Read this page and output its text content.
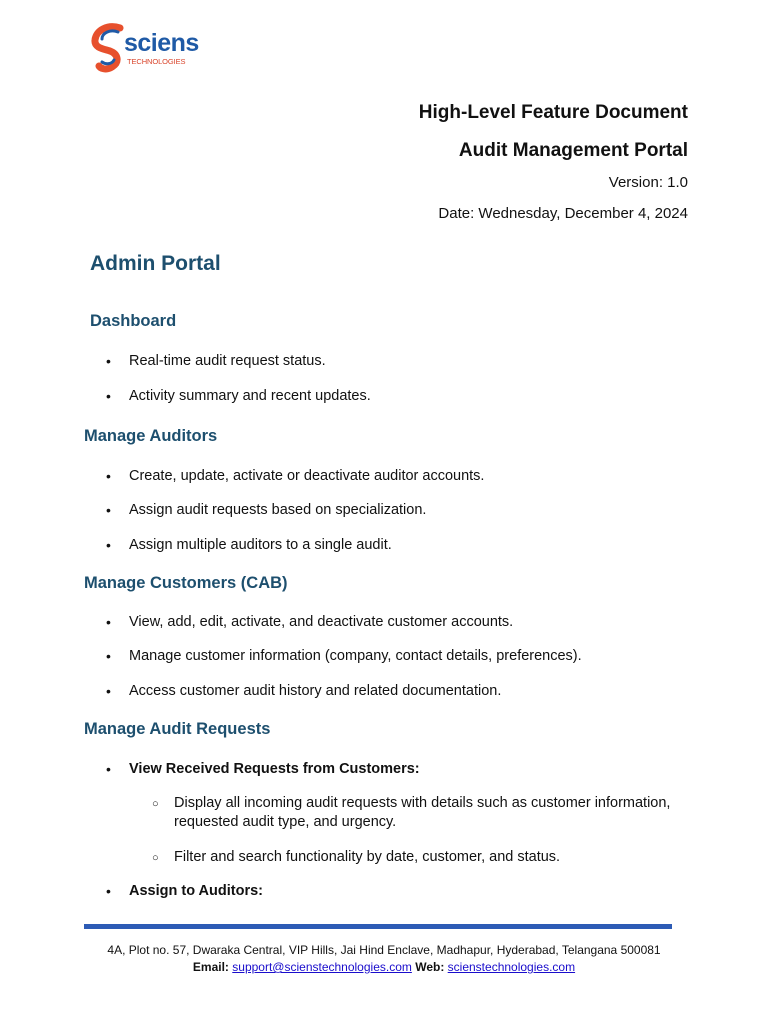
sciens
TECHNOLOGIES
High-Level Feature Document
Audit Management Portal
Version: 1.0
Date: Wednesday, December 4, 2024
Admin Portal
Dashboard
• Real-time audit request status.
• Activity summary and recent updates.
Manage Auditors
• Create, update, activate or deactivate auditor accounts.
• Assign audit requests based on specialization.
• Assign multiple auditors to a single audit.
Manage Customers (CAB)
• View, add, edit, activate, and deactivate customer accounts.
• Manage customer information (company, contact details, preferences).
• Access customer audit history and related documentation.
Manage Audit Requests
• View Received Requests from Customers:
○ Display all incoming audit requests with details such as customer information, requested audit type, and urgency.
○ Filter and search functionality by date, customer, and status.
• Assign to Auditors:
4A, Plot no. 57, Dwaraka Central, VIP Hills, Jai Hind Enclave, Madhapur, Hyderabad, Telangana 500081
Email: support@scienstechnologies.com Web: scienstechnologies.com
